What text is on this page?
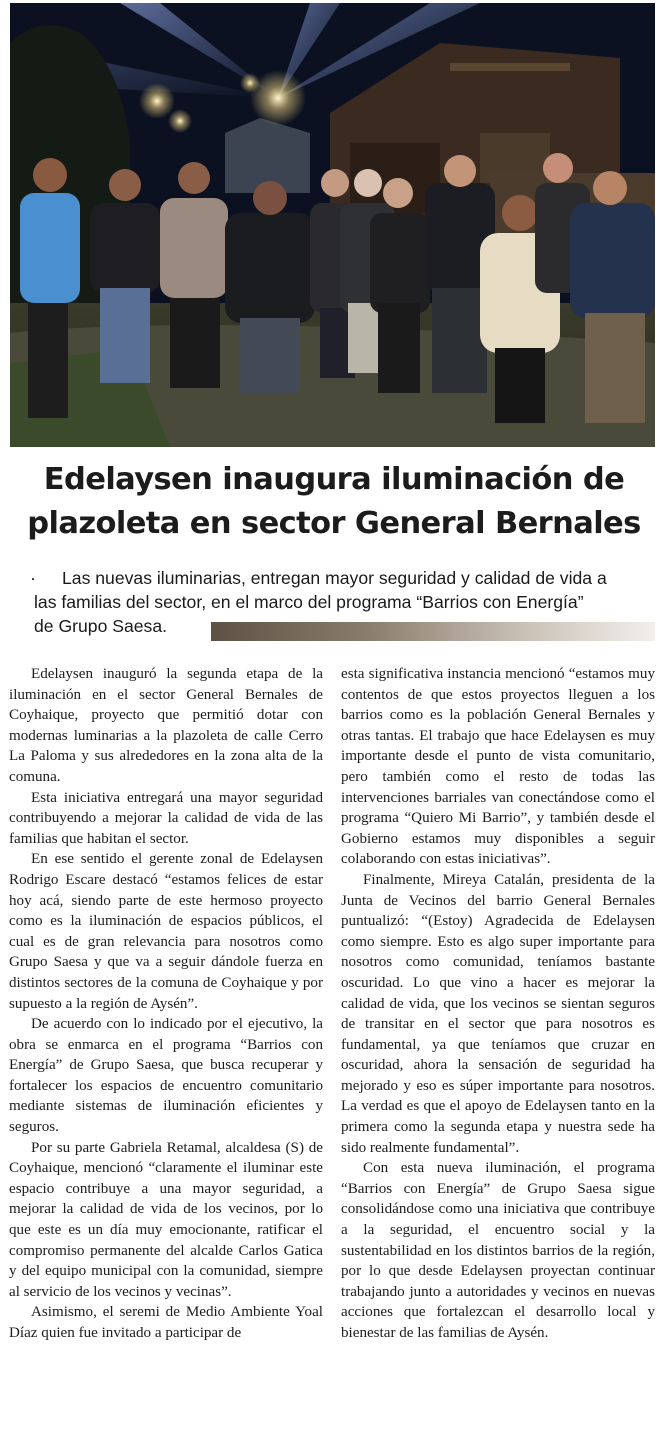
Edelaysen inaugura iluminación de
plazoleta en sector General Bernales
·	Las nuevas iluminarias, entregan mayor seguridad y calidad de vida a
las familias del sector, en el marco del programa “Barrios con Energía”
de Grupo Saesa.

Edelaysen inauguró la segunda etapa de la iluminación en el sector General Bernales de Coyhaique, proyecto que permitió dotar con modernas luminarias a la plazoleta de calle Cerro La Paloma y sus alrededores en la zona alta de la comuna.

Esta iniciativa entregará una mayor seguridad contribuyendo a mejorar la calidad de vida de las familias que habitan el sector.

En ese sentido el gerente zonal de Edelaysen Rodrigo Escare destacó “estamos felices de estar hoy acá, siendo parte de este hermoso proyecto como es la iluminación de espacios públicos, el cual es de gran relevancia para nosotros como Grupo Saesa y que va a seguir dándole fuerza en distintos sectores de la comuna de Coyhaique y por supuesto a la región de Aysén”.

De acuerdo con lo indicado por el ejecutivo, la obra se enmarca en el programa “Barrios con Energía” de Grupo Saesa, que busca recuperar y fortalecer los espacios de encuentro comunitario mediante sistemas de iluminación eficientes y seguros.

Por su parte Gabriela Retamal, alcaldesa (S) de Coyhaique, mencionó “claramente el iluminar este espacio contribuye a una mayor seguridad, a mejorar la calidad de vida de los vecinos, por lo que este es un día muy emocionante, ratificar el compromiso permanente del alcalde Carlos Gatica y del equipo municipal con la comunidad, siempre al servicio de los vecinos y vecinas”.

Asimismo, el seremi de Medio Ambiente Yoal Díaz quien fue invitado a participar de

esta significativa instancia mencionó “estamos muy contentos de que estos proyectos lleguen a los barrios como es la población General Bernales y otras tantas. El trabajo que hace Edelaysen es muy importante desde el punto de vista comunitario, pero también como el resto de todas las intervenciones barriales van conectándose como el programa “Quiero Mi Barrio”, y también desde el Gobierno estamos muy disponibles a seguir colaborando con estas iniciativas”.

Finalmente, Mireya Catalán, presidenta de la Junta de Vecinos del barrio General Bernales puntualizó: “(Estoy) Agradecida de Edelaysen como siempre. Esto es algo super importante para nosotros como comunidad, teníamos bastante oscuridad. Lo que vino a hacer es mejorar la calidad de vida, que los vecinos se sientan seguros de transitar en el sector que para nosotros es fundamental, ya que teníamos que cruzar en oscuridad, ahora la sensación de seguridad ha mejorado y eso es súper importante para nosotros. La verdad es que el apoyo de Edelaysen tanto en la primera como la segunda etapa y nuestra sede ha sido realmente fundamental”.

Con esta nueva iluminación, el programa “Barrios con Energía” de Grupo Saesa sigue consolidándose como una iniciativa que contribuye a la seguridad, el encuentro social y la sustentabilidad en los distintos barrios de la región, por lo que desde Edelaysen proyectan continuar trabajando junto a autoridades y vecinos en nuevas acciones que fortalezcan el desarrollo local y bienestar de las familias de Aysén.
